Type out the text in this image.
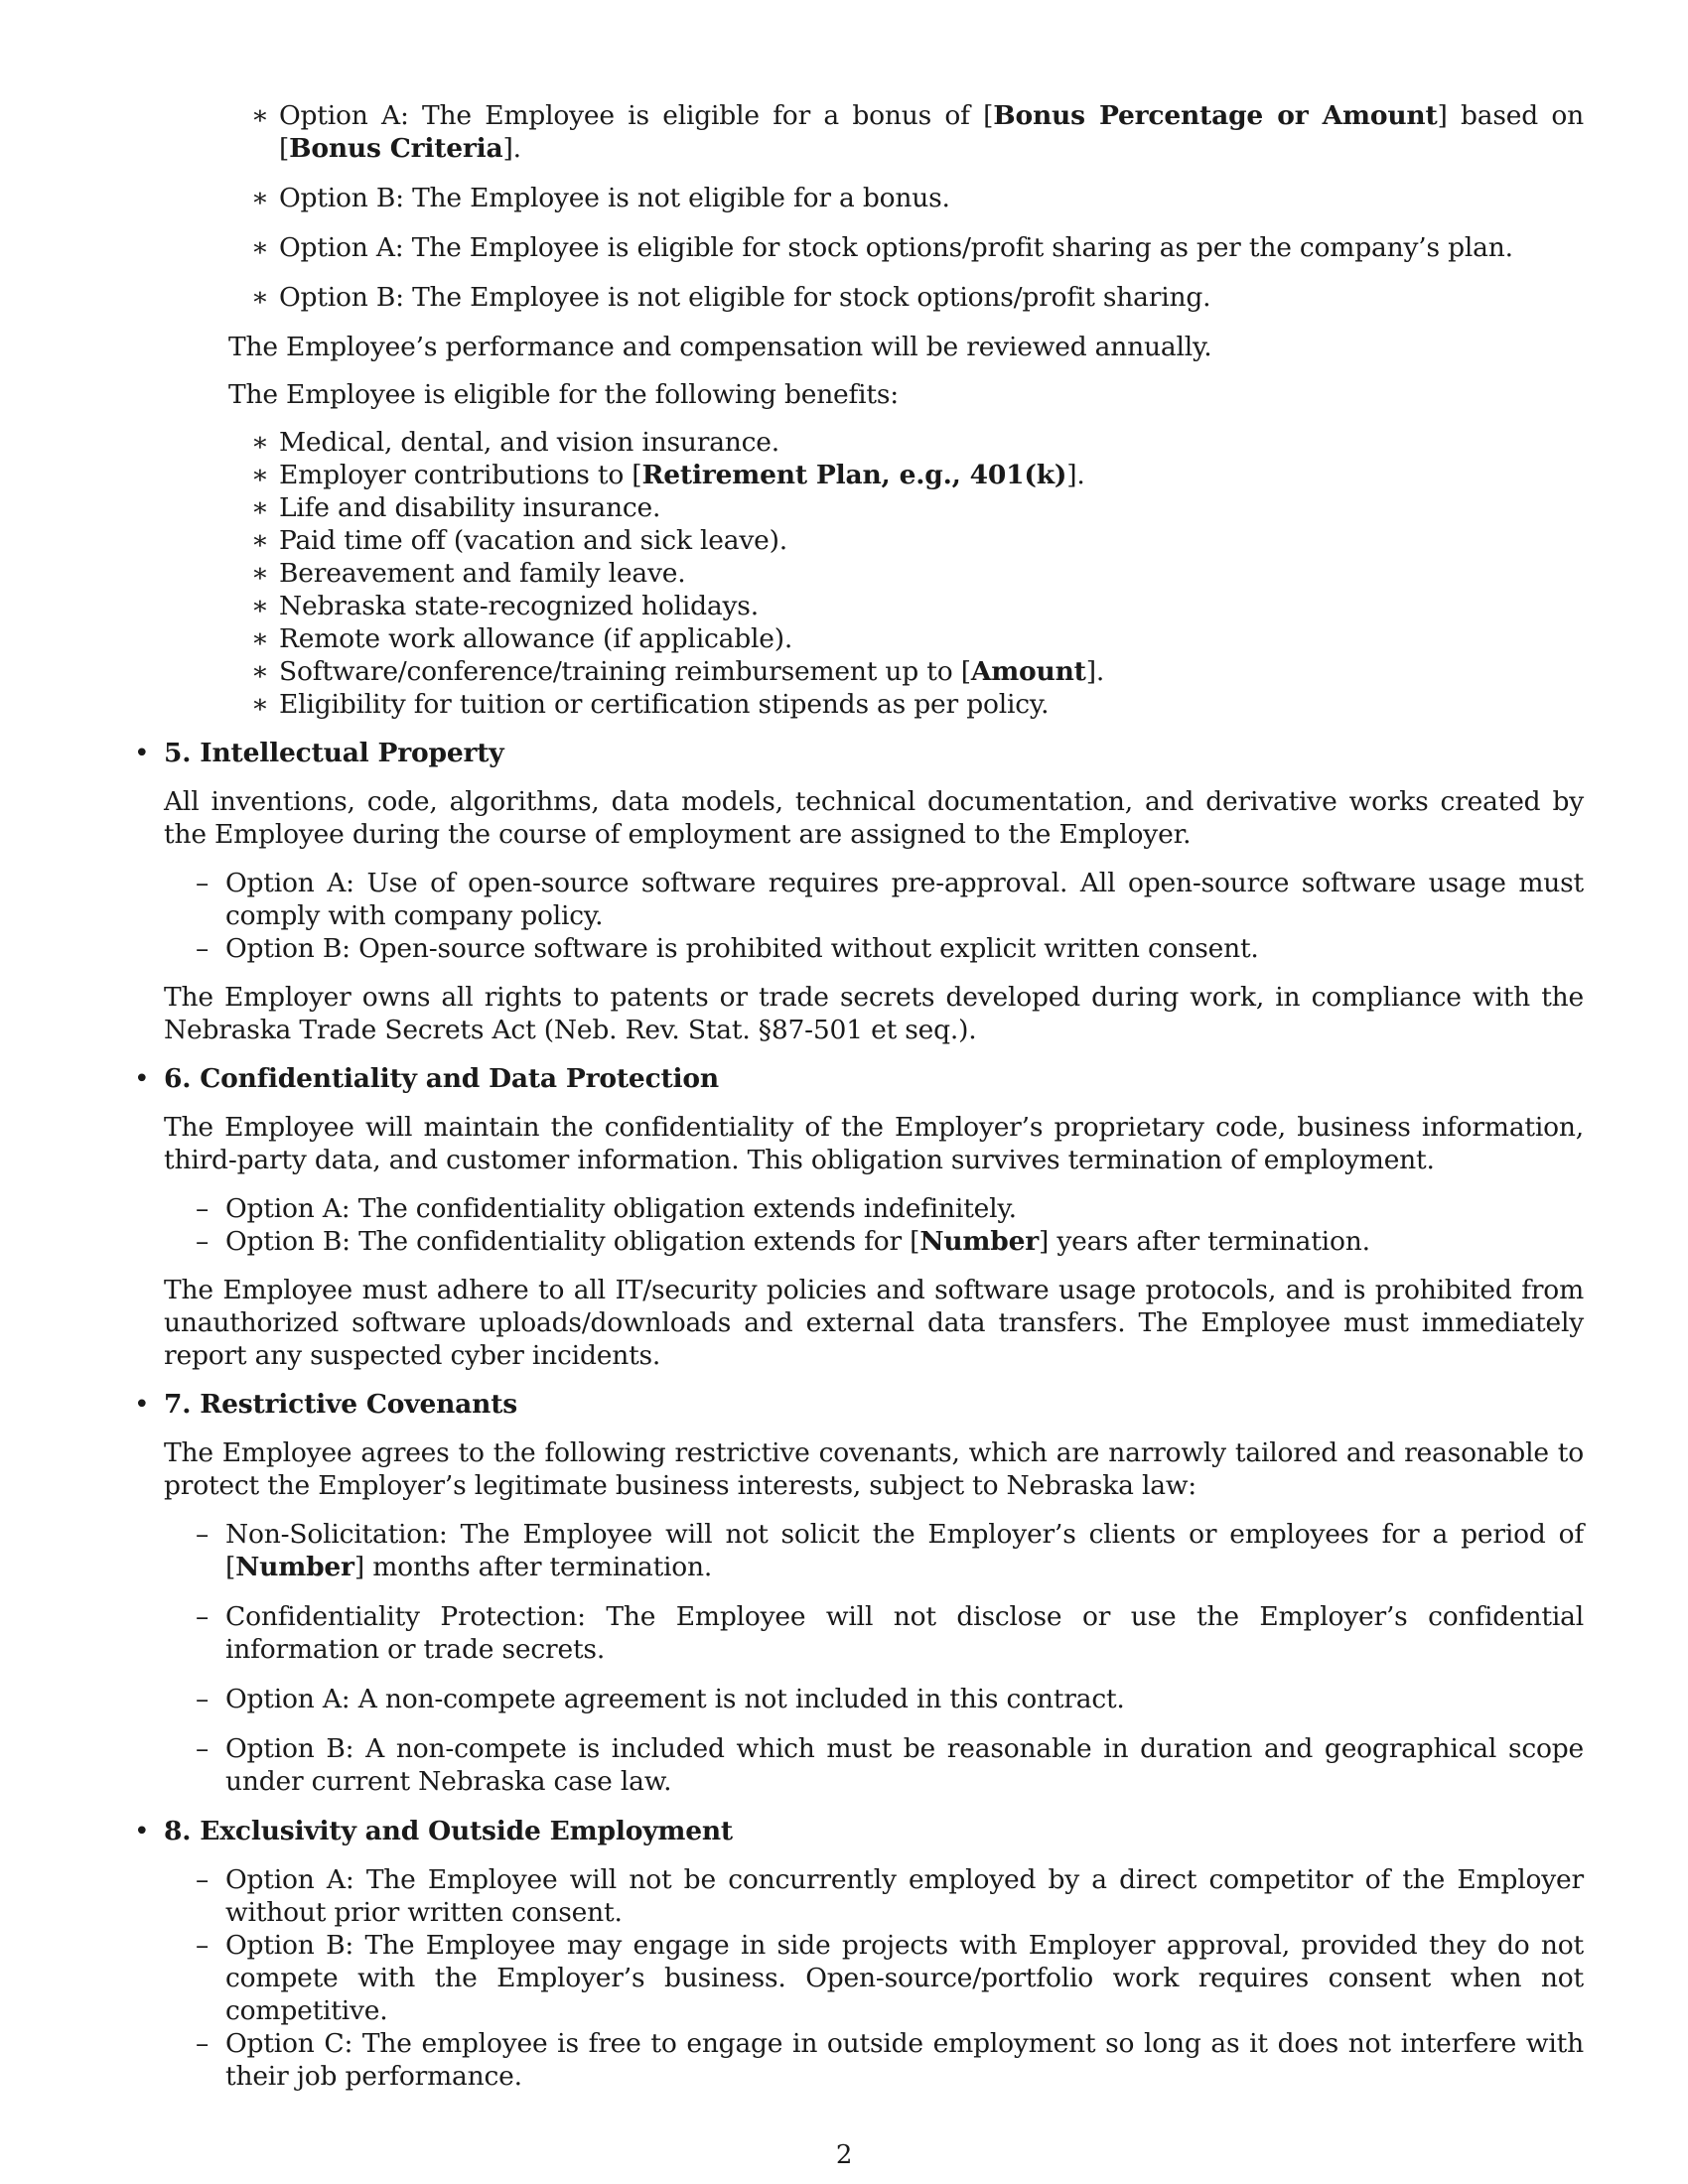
∗ Option A: The Employee is eligible for a bonus of [Bonus Percentage or Amount] based on [Bonus Criteria].
∗ Option B: The Employee is not eligible for a bonus.
∗ Option A: The Employee is eligible for stock options/profit sharing as per the company’s plan.
∗ Option B: The Employee is not eligible for stock options/profit sharing.

The Employee’s performance and compensation will be reviewed annually.

The Employee is eligible for the following benefits:

∗ Medical, dental, and vision insurance.
∗ Employer contributions to [Retirement Plan, e.g., 401(k)].
∗ Life and disability insurance.
∗ Paid time off (vacation and sick leave).
∗ Bereavement and family leave.
∗ Nebraska state-recognized holidays.
∗ Remote work allowance (if applicable).
∗ Software/conference/training reimbursement up to [Amount].
∗ Eligibility for tuition or certification stipends as per policy.
• 5. Intellectual Property

All inventions, code, algorithms, data models, technical documentation, and derivative works created by the Employee during the course of employment are assigned to the Employer.

– Option A: Use of open-source software requires pre-approval. All open-source software usage must comply with company policy.
– Option B: Open-source software is prohibited without explicit written consent.

The Employer owns all rights to patents or trade secrets developed during work, in compliance with the Nebraska Trade Secrets Act (Neb. Rev. Stat. §87-501 et seq.).

• 6. Confidentiality and Data Protection

The Employee will maintain the confidentiality of the Employer’s proprietary code, business information, third-party data, and customer information. This obligation survives termination of employment.

– Option A: The confidentiality obligation extends indefinitely.
– Option B: The confidentiality obligation extends for [Number] years after termination.

The Employee must adhere to all IT/security policies and software usage protocols, and is prohibited from unauthorized software uploads/downloads and external data transfers. The Employee must immediately report any suspected cyber incidents.

• 7. Restrictive Covenants

The Employee agrees to the following restrictive covenants, which are narrowly tailored and reasonable to protect the Employer’s legitimate business interests, subject to Nebraska law:

– Non-Solicitation: The Employee will not solicit the Employer’s clients or employees for a period of [Number] months after termination.
– Confidentiality Protection: The Employee will not disclose or use the Employer’s confidential information or trade secrets.
– Option A: A non-compete agreement is not included in this contract.
– Option B: A non-compete is included which must be reasonable in duration and geographical scope under current Nebraska case law.
• 8. Exclusivity and Outside Employment
– Option A: The Employee will not be concurrently employed by a direct competitor of the Employer without prior written consent.
– Option B: The Employee may engage in side projects with Employer approval, provided they do not compete with the Employer’s business. Open-source/portfolio work requires consent when not competitive.
– Option C: The employee is free to engage in outside employment so long as it does not interfere with their job performance.
2
